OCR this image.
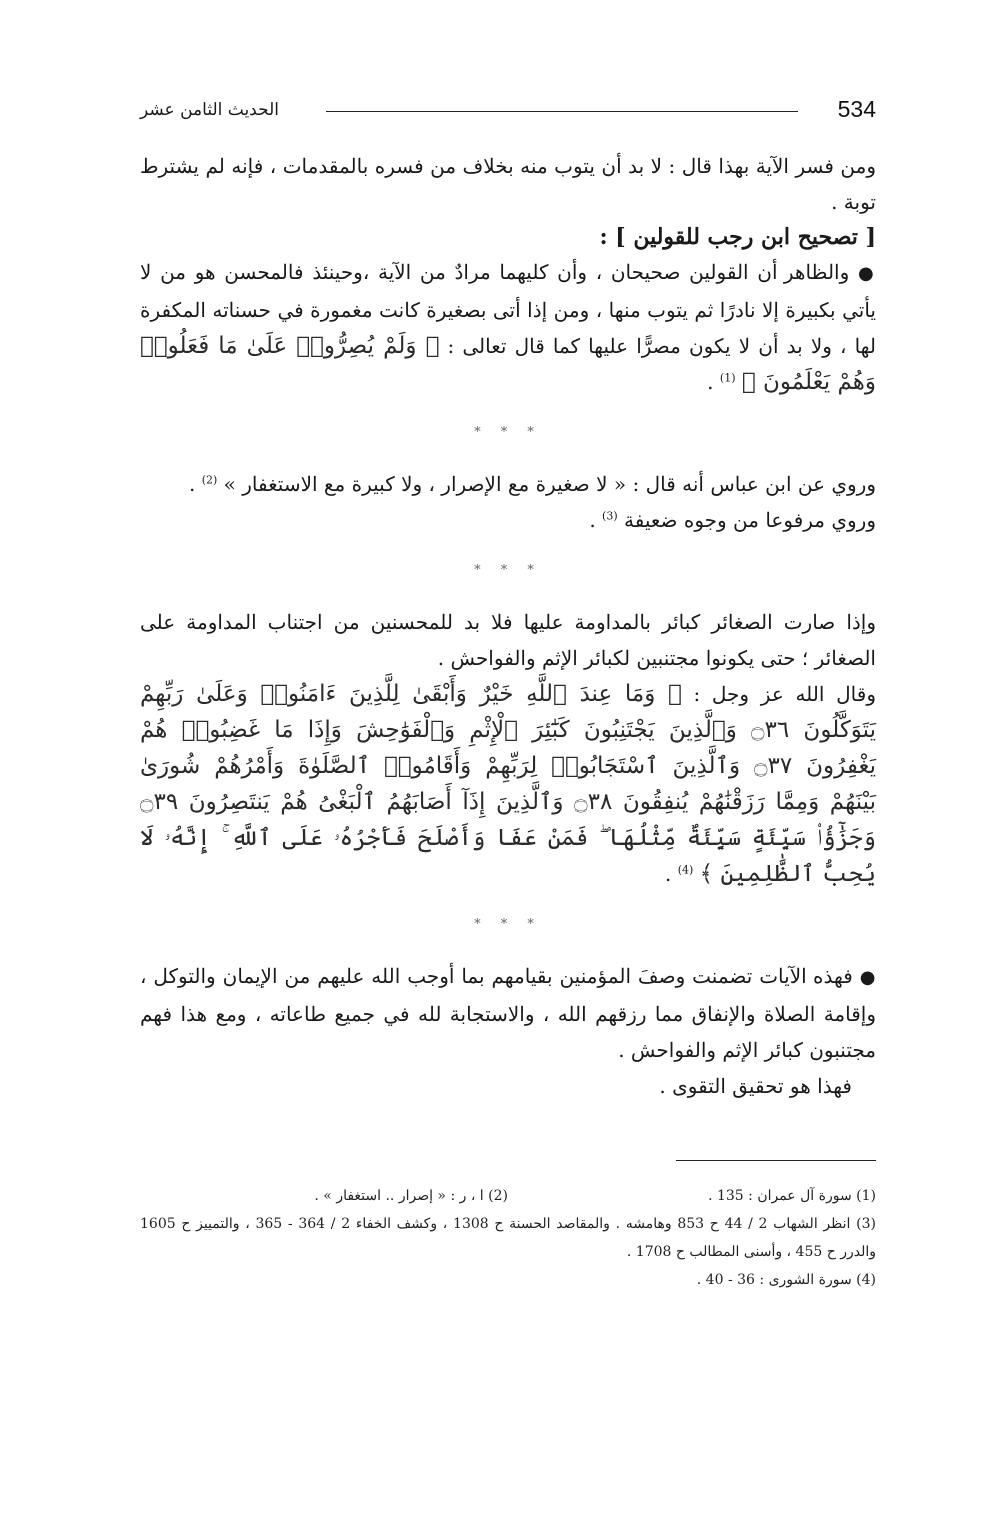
534
الحديث الثامن عشر

ومن فسر الآية بهذا قال : لا بد أن يتوب منه بخلاف من فسره بالمقدمات ، فإنه لم يشترط توبة .

[ تصحيح ابن رجب للقولين ] :

● والظاهر أن القولين صحيحان ، وأن كليهما مرادٌ من الآية ،وحينئذ فالمحسن هو من لا يأتي بكبيرة إلا نادرًا ثم يتوب منها ، ومن إذا أتى بصغيرة كانت مغمورة في حسناته المكفرة لها ، ولا بد أن لا يكون مصرًّا عليها كما قال تعالى : ﴿ وَلَمْ يُصِرُّوا۟ عَلَىٰ مَا فَعَلُوا۟ وَهُمْ يَعْلَمُونَ ﴾ $^{(1)}$ .

* * *

وروي عن ابن عباس أنه قال : « لا صغيرة مع الإصرار ، ولا كبيرة مع الاستغفار » $^{(2)}$ .

وروي مرفوعا من وجوه ضعيفة $^{(3)}$ .

* * *

وإذا صارت الصغائر كبائر بالمداومة عليها فلا بد للمحسنين من اجتناب المداومة على الصغائر ؛ حتى يكونوا مجتنبين لكبائر الإثم والفواحش .

وقال الله عز وجل : ﴿ وَمَا عِندَ ٱللَّهِ خَيْرٌ وَأَبْقَىٰ لِلَّذِينَ ءَامَنُوا۟ وَعَلَىٰ رَبِّهِمْ يَتَوَكَّلُونَ ۝٣٦ وَٱلَّذِينَ يَجْتَنِبُونَ كَبَٰٓئِرَ ٱلْإِثْمِ وَٱلْفَوَٰحِشَ وَإِذَا مَا غَضِبُوا۟ هُمْ يَغْفِرُونَ ۝٣٧ وَٱلَّذِينَ ٱسْتَجَابُوا۟ لِرَبِّهِمْ وَأَقَامُوا۟ ٱلصَّلَوٰةَ وَأَمْرُهُمْ شُورَىٰ بَيْنَهُمْ وَمِمَّا رَزَقْنَٰهُمْ يُنفِقُونَ ۝٣٨ وَٱلَّذِينَ إِذَآ أَصَابَهُمُ ٱلْبَغْىُ هُمْ يَنتَصِرُونَ ۝٣٩ وَجَزَٰٓؤُا۟ سَيِّئَةٍ سَيِّئَةٌ مِّثْلُهَا ۖ فَمَنْ عَفَا وَأَصْلَحَ فَأَجْرُهُۥ عَلَى ٱللَّهِ ۚ إِنَّهُۥ لَا يُحِبُّ ٱلظَّٰلِمِينَ ﴾ $^{(4)}$ .

* * *

● فهذه الآيات تضمنت وصفَ المؤمنين بقيامهم بما أوجب الله عليهم من الإيمان والتوكل ، وإقامة الصلاة والإنفاق مما رزقهم الله ، والاستجابة لله في جميع طاعاته ، ومع هذا فهم مجتنبون كبائر الإثم والفواحش .

فهذا هو تحقيق التقوى .

(1) سورة آل عمران : 135 .
(2) ا ، ر : « إصرار .. استغفار » .
(3) انظر الشهاب 2 / 44 ح 853 وهامشه . والمقاصد الحسنة ح 1308 ، وكشف الخفاء 2 / 364 - 365 ، والتمييز ح 1605 والدرر ح 455 ، وأسنى المطالب ح 1708 .
(4) سورة الشورى : 36 - 40 .
